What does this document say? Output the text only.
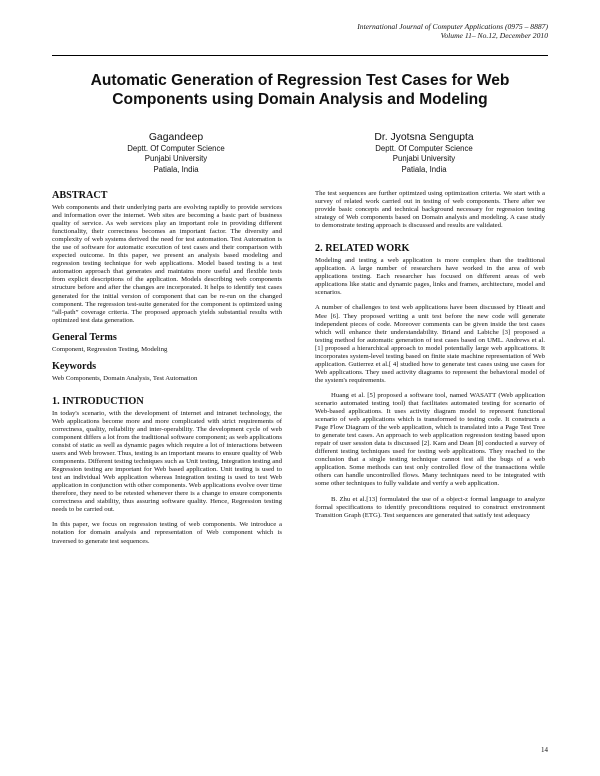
International Journal of Computer Applications (0975 – 8887)
Volume 11– No.12, December 2010
Automatic Generation of Regression Test Cases for Web
Components using Domain Analysis and Modeling
Gagandeep
Deptt. Of Computer Science
Punjabi University
Patiala, India
Dr. Jyotsna Sengupta
Deptt. Of Computer Science
Punjabi University
Patiala, India
ABSTRACT

Web components and their underlying parts are evolving rapidly to provide services and information over the internet. Web sites are becoming a basic part of business quality of service. As web services play an important role in providing different functionality, their correctness becomes an important factor. The diversity and complexity of web systems derived the need for test automation. Test Automation is the use of software for automatic execution of test cases and their comparison with expected outcome. In this paper, we present an analysis based modeling and regression testing technique for web applications. Model based testing is a test automation approach that generates and maintains more useful and flexible tests from explicit descriptions of the application. Models describing web components structure before and after the changes are incorporated. It helps to identify test cases generated for the initial version of component that can be re-run on the changed component. The regression test-suite generated for the component is optimized using “all-path” coverage criteria. The proposed approach yields substantial results with optimized test data generation.

General Terms

Component, Regression Testing, Modeling

Keywords

Web Components, Domain Analysis, Test Automation

1. INTRODUCTION

In today's scenario, with the development of internet and intranet technology, the Web applications become more and more complicated with strict requirements of correctness, quality, reliability and inter-operability. The development cycle of web component differs a lot from the traditional software component; as web applications consist of static as well as dynamic pages which require a lot of interactions between users and Web browser. Thus, testing is an important means to ensure quality of Web components. Different testing techniques such as Unit testing, Integration testing and Regression testing are important for Web based application. Unit testing is used to test an individual Web application whereas Integration testing is used to test Web application in conjunction with other components. Web applications evolve over time therefore, they need to be retested whenever there is a change to ensure components correctness and stability, thus assuring software quality. Hence, Regression testing needs to be carried out.

In this paper, we focus on regression testing of web components. We introduce a notation for domain analysis and representation of Web component which is traversed to generate test sequences.

The test sequences are further optimized using optimization criteria. We start with a survey of related work carried out in testing of web components. There after we provide basic concepts and technical background necessary for regression testing strategy of Web components based on Domain analysis and modeling. A case study to demonstrate testing approach is discussed and results are validated.

2. RELATED WORK

Modeling and testing a web application is more complex than the traditional application. A large number of researchers have worked in the area of web applications testing. Each researcher has focused on different areas of web applications like static and dynamic pages, links and frames, architecture, model and scenarios.

A number of challenges to test web applications have been discussed by Hieatt and Mee [6]. They proposed writing a unit test before the new code will generate independent pieces of code. Moreover comments can be given inside the test cases which will enhance their understandability. Briand and Labiche [3] proposed a testing method for automatic generation of test cases based on UML. Andrews et al.[1] proposed a hierarchical approach to model potentially large web applications. It incorporates system-level testing based on finite state machine representation of Web application. Gutierrez et al.[ 4] studied how to generate test cases using use cases for Web applications. They used activity diagrams to represent the behavioral model of the system's requirements.

Huang et al. [5] proposed a software tool, named WASATT (Web application scenario automated testing tool) that facilitates automated testing for scenario of Web-based applications. It uses activity diagram model to represent functional scenario of web applications which is transformed to testing code. It constructs a Page Flow Diagram of the web application, which is translated into a Page Test Tree to generate test cases. An approach to web application regression testing based upon repair of user session data is discussed [2]. Kam and Dean [8] conducted a survey of different testing techniques used for testing web applications. They reached to the conclusion that a single testing technique cannot test all the bugs of a web application. Some methods can test only controlled flow of the transactions while others can handle uncontrolled flows. Many techniques need to be integrated with some other techniques to fully validate and verify a web application.

B. Zhu et al.[13] formulated the use of a object-z formal language to analyze formal specifications to identify preconditions required to construct environment Transition Graph (ETG). Test sequences are generated that satisfy test adequacy

14
